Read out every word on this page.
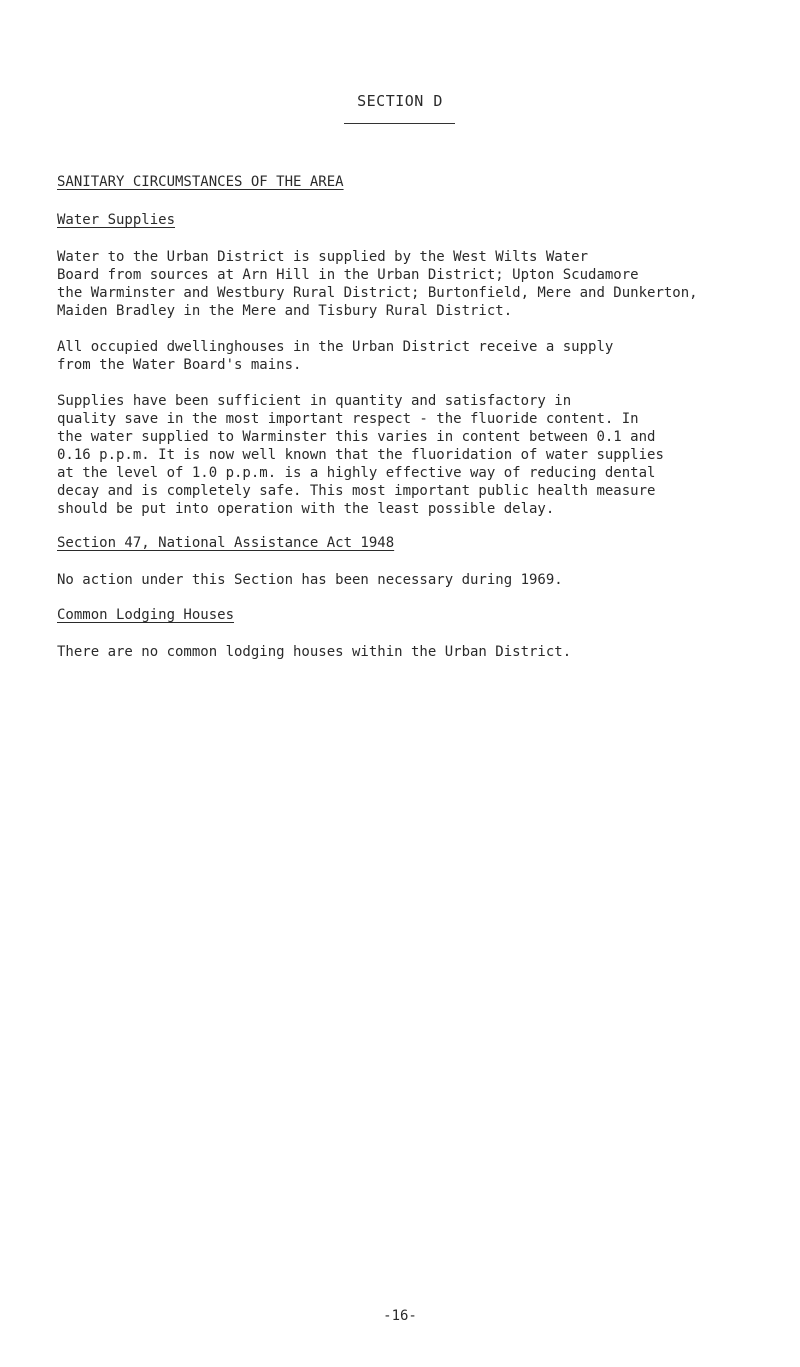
SECTION D
SANITARY CIRCUMSTANCES OF THE AREA
Water Supplies
Water to the Urban District is supplied by the West Wilts Water
Board from sources at Arn Hill in the Urban District; Upton Scudamore
the Warminster and Westbury Rural District; Burtonfield, Mere and Dunkerton,
Maiden Bradley in the Mere and Tisbury Rural District.
All occupied dwellinghouses in the Urban District receive a supply
from the Water Board's mains.
Supplies have been sufficient in quantity and satisfactory in
quality save in the most important respect - the fluoride content. In
the water supplied to Warminster this varies in content between 0.1 and
0.16 p.p.m. It is now well known that the fluoridation of water supplies
at the level of 1.0 p.p.m. is a highly effective way of reducing dental
decay and is completely safe. This most important public health measure
should be put into operation with the least possible delay.
Section 47, National Assistance Act 1948
No action under this Section has been necessary during 1969.
Common Lodging Houses
There are no common lodging houses within the Urban District.
-16-
